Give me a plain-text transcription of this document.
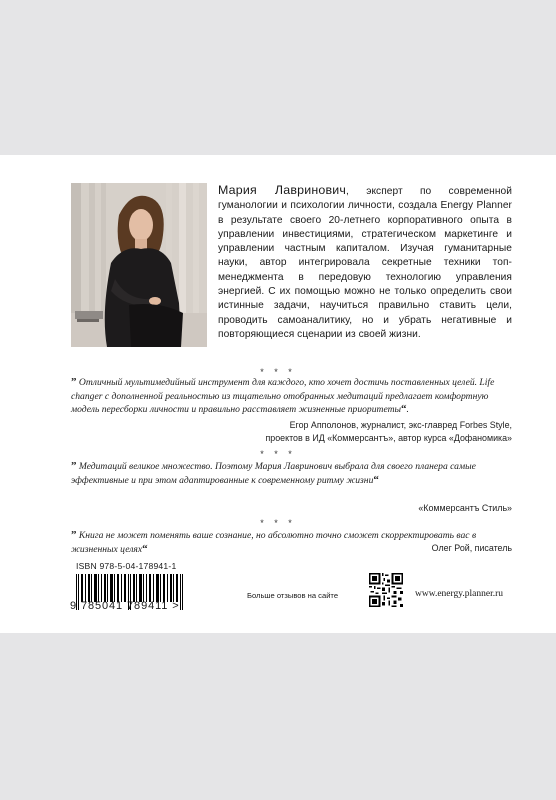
Мария Лавринович, эксперт по современной гуманологии и психологии личности, создала Energy Planner в результате своего 20-летнего корпоративного опыта в управлении инвестициями, стратегическом маркетинге и управлении частным капиталом. Изучая гуманитарные науки, автор интегрировала секретные техники топ-менеджмента в передовую технологию управления энергией. С их помощью можно не только определить свои истинные задачи, научиться правильно ставить цели, проводить самоаналитику, но и убрать негативные и повторяющиеся сценарии из своей жизни.
* * *
” Отличный мультимедийный инструмент для каждого, кто хочет достичь поставленных целей. Life changer с дополненной реальностью из тщательно отобранных медитаций предлагает комфортную модель пересборки личности и правильно расставляет жизненные приоритеты“.
Егор Апполонов, журналист, экс-главред Forbes Style,
проектов в ИД «Коммерсантъ», автор курса «Дофаномика»
* * *
” Медитаций великое множество. Поэтому Мария Лавринович выбрала для своего планера самые эффективные и при этом адаптированные к современному ритму жизни“
«Коммерсантъ Стиль»
* * *
” Книга не может поменять ваше сознание, но абсолютно точно сможет скорректировать вас в жизненных целях“	Олег Рой, писатель
ISBN 978-5-04-178941-1
9 785041 789411 >
Больше отзывов на сайте	www.energy.planner.ru
